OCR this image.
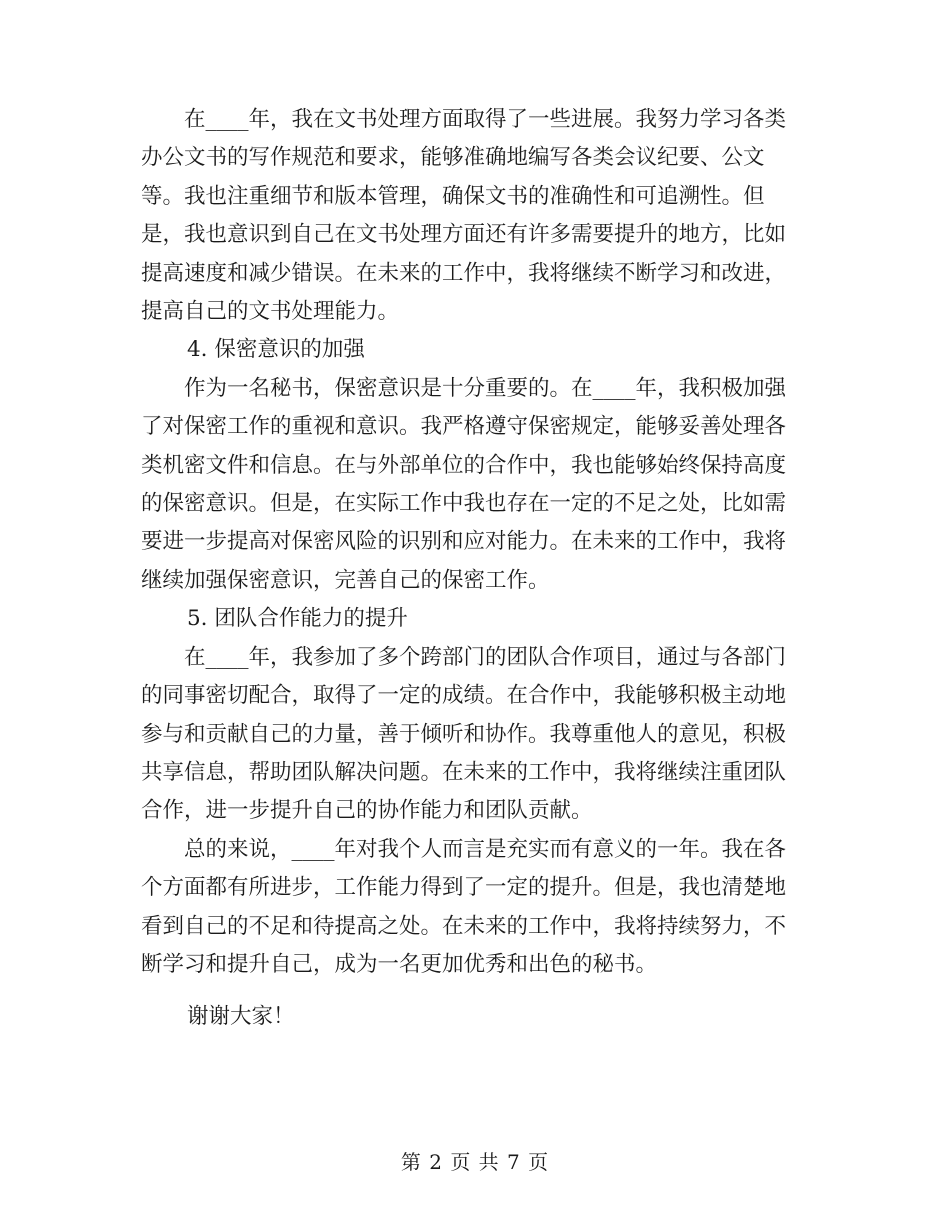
在____年，我在文书处理方面取得了一些进展。我努力学习各类
办公文书的写作规范和要求，能够准确地编写各类会议纪要、公文
等。我也注重细节和版本管理，确保文书的准确性和可追溯性。但
是，我也意识到自己在文书处理方面还有许多需要提升的地方，比如
提高速度和减少错误。在未来的工作中，我将继续不断学习和改进，
提高自己的文书处理能力。
4. 保密意识的加强
作为一名秘书，保密意识是十分重要的。在____年，我积极加强
了对保密工作的重视和意识。我严格遵守保密规定，能够妥善处理各
类机密文件和信息。在与外部单位的合作中，我也能够始终保持高度
的保密意识。但是，在实际工作中我也存在一定的不足之处，比如需
要进一步提高对保密风险的识别和应对能力。在未来的工作中，我将
继续加强保密意识，完善自己的保密工作。
5. 团队合作能力的提升
在____年，我参加了多个跨部门的团队合作项目，通过与各部门
的同事密切配合，取得了一定的成绩。在合作中，我能够积极主动地
参与和贡献自己的力量，善于倾听和协作。我尊重他人的意见，积极
共享信息，帮助团队解决问题。在未来的工作中，我将继续注重团队
合作，进一步提升自己的协作能力和团队贡献。
总的来说，____年对我个人而言是充实而有意义的一年。我在各
个方面都有所进步，工作能力得到了一定的提升。但是，我也清楚地
看到自己的不足和待提高之处。在未来的工作中，我将持续努力，不
断学习和提升自己，成为一名更加优秀和出色的秘书。
谢谢大家！
第 2 页 共 7 页
